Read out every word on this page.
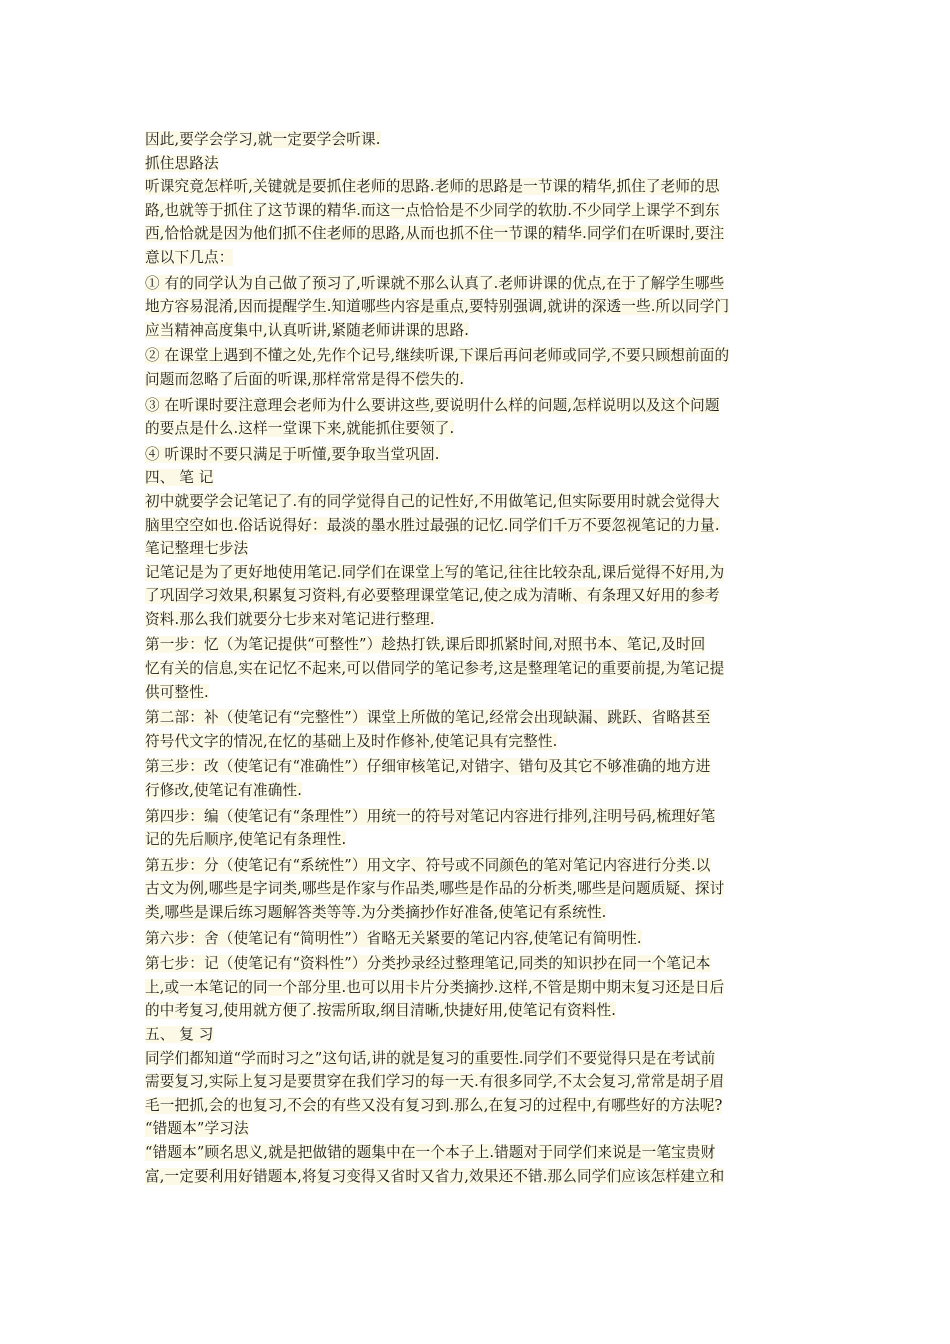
因此,要学会学习,就一定要学会听课.
抓住思路法
听课究竟怎样听,关键就是要抓住老师的思路.老师的思路是一节课的精华,抓住了老师的思
路,也就等于抓住了这节课的精华.而这一点恰恰是不少同学的软肋.不少同学上课学不到东
西,恰恰就是因为他们抓不住老师的思路,从而也抓不住一节课的精华.同学们在听课时,要注
意以下几点：
① 有的同学认为自己做了预习了,听课就不那么认真了.老师讲课的优点,在于了解学生哪些
地方容易混淆,因而提醒学生.知道哪些内容是重点,要特别强调,就讲的深透一些.所以同学门
应当精神高度集中,认真听讲,紧随老师讲课的思路.
② 在课堂上遇到不懂之处,先作个记号,继续听课,下课后再问老师或同学,不要只顾想前面的
问题而忽略了后面的听课,那样常常是得不偿失的.
③ 在听课时要注意理会老师为什么要讲这些,要说明什么样的问题,怎样说明以及这个问题
的要点是什么.这样一堂课下来,就能抓住要领了.
④ 听课时不要只满足于听懂,要争取当堂巩固.
四、 笔 记
初中就要学会记笔记了.有的同学觉得自己的记性好,不用做笔记,但实际要用时就会觉得大
脑里空空如也.俗话说得好：最淡的墨水胜过最强的记忆.同学们千万不要忽视笔记的力量.
笔记整理七步法
记笔记是为了更好地使用笔记.同学们在课堂上写的笔记,往往比较杂乱,课后觉得不好用,为
了巩固学习效果,积累复习资料,有必要整理课堂笔记,使之成为清晰、有条理又好用的参考
资料.那么我们就要分七步来对笔记进行整理.
第一步：忆（为笔记提供“可整性”）趁热打铁,课后即抓紧时间,对照书本、笔记,及时回
忆有关的信息,实在记忆不起来,可以借同学的笔记参考,这是整理笔记的重要前提,为笔记提
供可整性.
第二部：补（使笔记有“完整性”）课堂上所做的笔记,经常会出现缺漏、跳跃、省略甚至
符号代文字的情况,在忆的基础上及时作修补,使笔记具有完整性.
第三步：改（使笔记有“准确性”）仔细审核笔记,对错字、错句及其它不够准确的地方进
行修改,使笔记有准确性.
第四步：编（使笔记有“条理性”）用统一的符号对笔记内容进行排列,注明号码,梳理好笔
记的先后顺序,使笔记有条理性.
第五步：分（使笔记有“系统性”）用文字、符号或不同颜色的笔对笔记内容进行分类.以
古文为例,哪些是字词类,哪些是作家与作品类,哪些是作品的分析类,哪些是问题质疑、探讨
类,哪些是课后练习题解答类等等.为分类摘抄作好准备,使笔记有系统性.
第六步：舍（使笔记有“简明性”）省略无关紧要的笔记内容,使笔记有简明性.
第七步：记（使笔记有“资料性”）分类抄录经过整理笔记,同类的知识抄在同一个笔记本
上,或一本笔记的同一个部分里.也可以用卡片分类摘抄.这样,不管是期中期末复习还是日后
的中考复习,使用就方便了.按需所取,纲目清晰,快捷好用,使笔记有资料性.
五、 复 习
同学们都知道“学而时习之”这句话,讲的就是复习的重要性.同学们不要觉得只是在考试前
需要复习,实际上复习是要贯穿在我们学习的每一天.有很多同学,不太会复习,常常是胡子眉
毛一把抓,会的也复习,不会的有些又没有复习到.那么,在复习的过程中,有哪些好的方法呢?
“错题本”学习法
“错题本”顾名思义,就是把做错的题集中在一个本子上.错题对于同学们来说是一笔宝贵财
富,一定要利用好错题本,将复习变得又省时又省力,效果还不错.那么同学们应该怎样建立和
